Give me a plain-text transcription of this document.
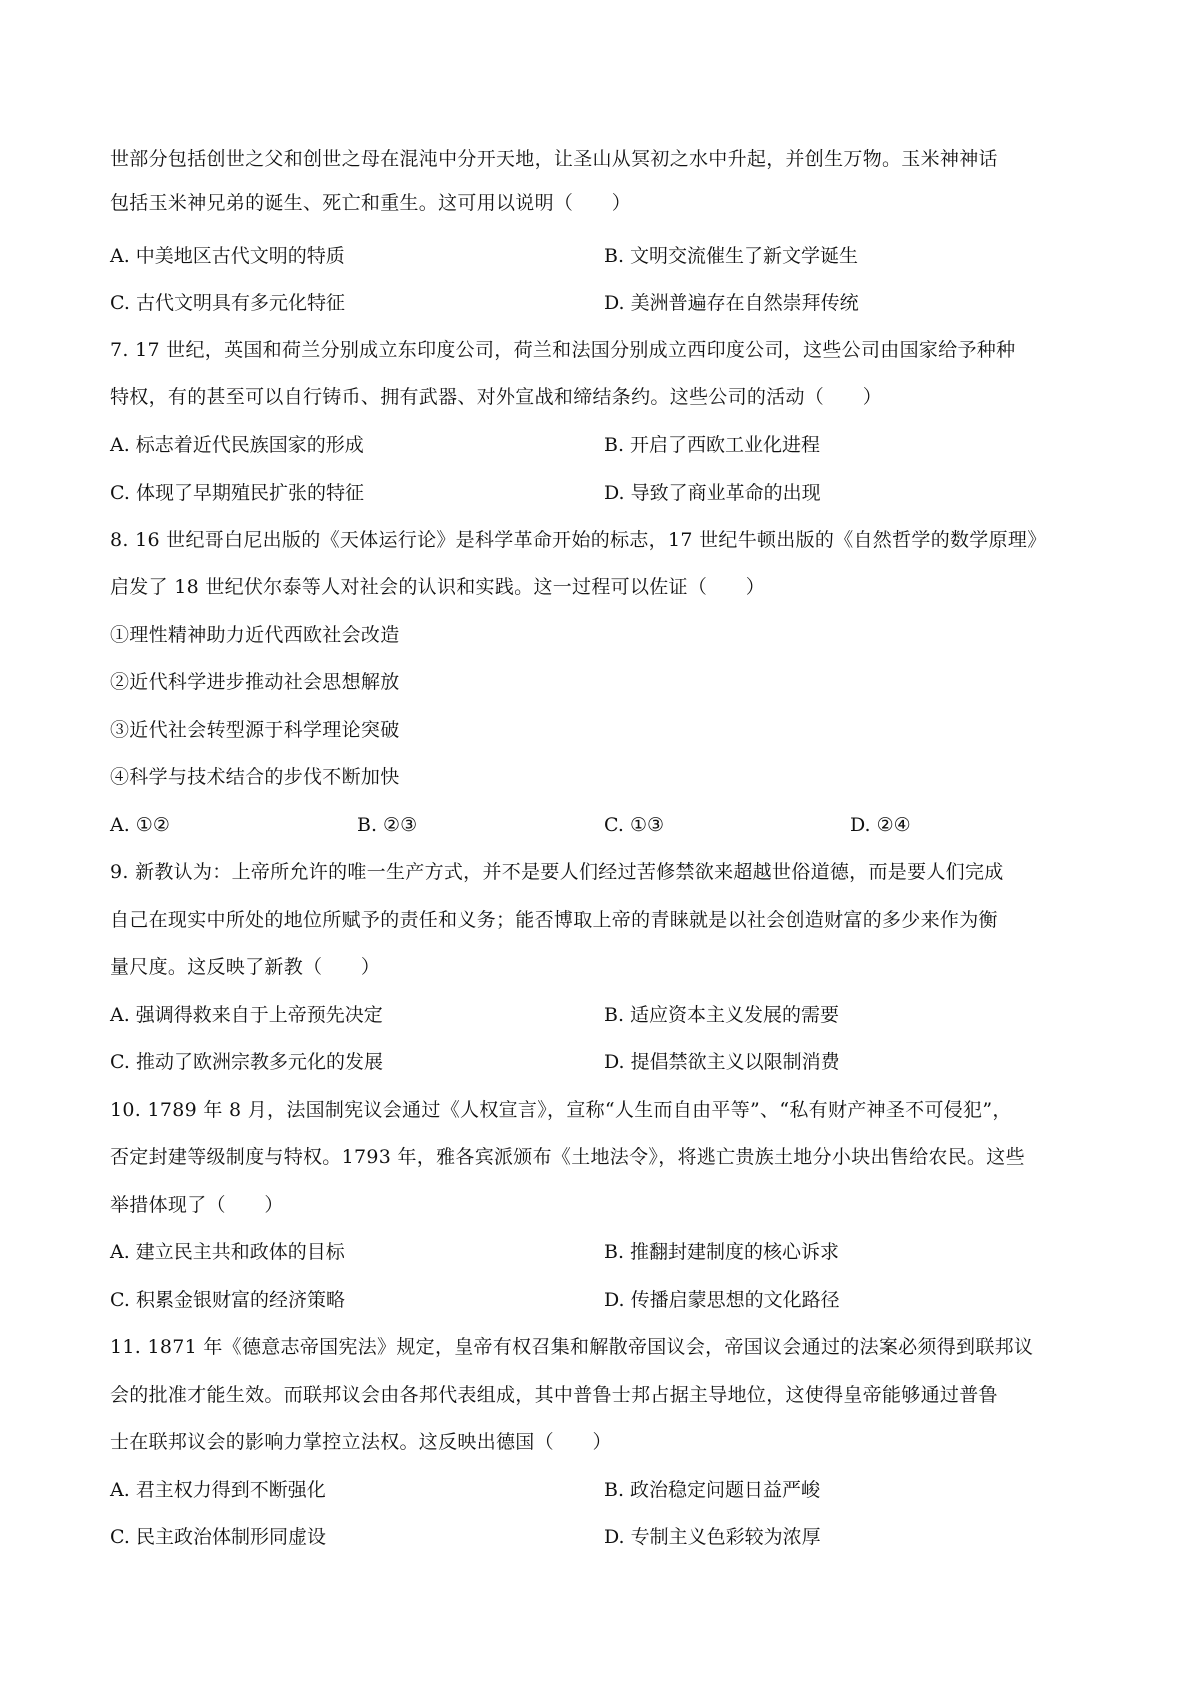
世部分包括创世之父和创世之母在混沌中分开天地，让圣山从冥初之水中升起，并创生万物。玉米神神话
包括玉米神兄弟的诞生、死亡和重生。这可用以说明（　　）
A. 中美地区古代文明的特质	B. 文明交流催生了新文学诞生
C. 古代文明具有多元化特征	D. 美洲普遍存在自然崇拜传统
7. 17 世纪，英国和荷兰分别成立东印度公司，荷兰和法国分别成立西印度公司，这些公司由国家给予种种
特权，有的甚至可以自行铸币、拥有武器、对外宣战和缔结条约。这些公司的活动（　　）
A. 标志着近代民族国家的形成	B. 开启了西欧工业化进程
C. 体现了早期殖民扩张的特征	D. 导致了商业革命的出现
8. 16 世纪哥白尼出版的《天体运行论》是科学革命开始的标志，17 世纪牛顿出版的《自然哲学的数学原理》
启发了 18 世纪伏尔泰等人对社会的认识和实践。这一过程可以佐证（　　）
①理性精神助力近代西欧社会改造
②近代科学进步推动社会思想解放
③近代社会转型源于科学理论突破
④科学与技术结合的步伐不断加快
A. ①②	B. ②③	C. ①③	D. ②④
9. 新教认为：上帝所允许的唯一生产方式，并不是要人们经过苦修禁欲来超越世俗道德，而是要人们完成
自己在现实中所处的地位所赋予的责任和义务；能否博取上帝的青睐就是以社会创造财富的多少来作为衡
量尺度。这反映了新教（　　）
A. 强调得救来自于上帝预先决定	B. 适应资本主义发展的需要
C. 推动了欧洲宗教多元化的发展	D. 提倡禁欲主义以限制消费
10. 1789 年 8 月，法国制宪议会通过《人权宣言》，宣称“人生而自由平等”、“私有财产神圣不可侵犯”，
否定封建等级制度与特权。1793 年，雅各宾派颁布《土地法令》，将逃亡贵族土地分小块出售给农民。这些
举措体现了（　　）
A. 建立民主共和政体的目标	B. 推翻封建制度的核心诉求
C. 积累金银财富的经济策略	D. 传播启蒙思想的文化路径
11. 1871 年《德意志帝国宪法》规定，皇帝有权召集和解散帝国议会，帝国议会通过的法案必须得到联邦议
会的批准才能生效。而联邦议会由各邦代表组成，其中普鲁士邦占据主导地位，这使得皇帝能够通过普鲁
士在联邦议会的影响力掌控立法权。这反映出德国（　　）
A. 君主权力得到不断强化	B. 政治稳定问题日益严峻
C. 民主政治体制形同虚设	D. 专制主义色彩较为浓厚
